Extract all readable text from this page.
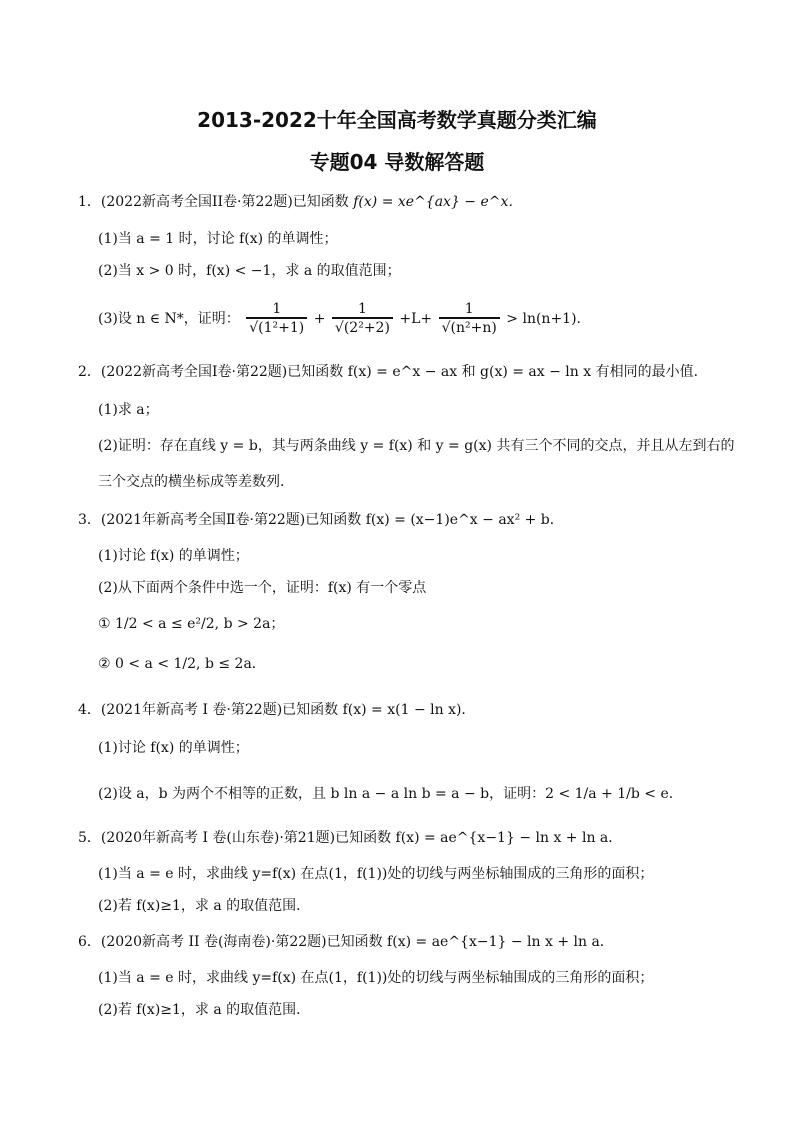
2013-2022十年全国高考数学真题分类汇编
专题04 导数解答题
1．(2022新高考全国II卷·第22题)已知函数 f(x) = xe^{ax} − e^x．
(1)当 a = 1 时，讨论 f(x) 的单调性；
(2)当 x > 0 时，f(x) < −1，求 a 的取值范围；
(3)设 n ∈ N*，证明： $\frac{1}{\text{√(1²+1)}} + \frac{1}{\text{√(2²+2)}} +L+ \frac{1}{\text{√(n²+n)}} > \ln(n+1)$．
2．(2022新高考全国I卷·第22题)已知函数 f(x) = e^x − ax 和 g(x) = ax − ln x 有相同的最小值．
(1)求 a；
(2)证明：存在直线 y = b，其与两条曲线 y = f(x) 和 y = g(x) 共有三个不同的交点，并且从左到右的
三个交点的横坐标成等差数列．
3．(2021年新高考全国Ⅱ卷·第22题)已知函数 f(x) = (x−1)e^x − ax² + b．
(1)讨论 f(x) 的单调性；
(2)从下面两个条件中选一个，证明：f(x) 有一个零点
① 1/2 < a ≤ e²/2, b > 2a；
② 0 < a < 1/2, b ≤ 2a．
4．(2021年新高考 I 卷·第22题)已知函数 f(x) = x(1 − ln x)．
(1)讨论 f(x) 的单调性；
(2)设 a，b 为两个不相等的正数，且 b ln a − a ln b = a − b，证明：2 < 1/a + 1/b < e．
5．(2020年新高考 I 卷(山东卷)·第21题)已知函数 f(x) = ae^{x−1} − ln x + ln a．
(1)当 a = e 时，求曲线 y=f(x) 在点(1，f(1))处的切线与两坐标轴围成的三角形的面积；
(2)若 f(x)≥1，求 a 的取值范围．
6．(2020新高考 II 卷(海南卷)·第22题)已知函数 f(x) = ae^{x−1} − ln x + ln a．
(1)当 a = e 时，求曲线 y=f(x) 在点(1，f(1))处的切线与两坐标轴围成的三角形的面积；
(2)若 f(x)≥1，求 a 的取值范围．
